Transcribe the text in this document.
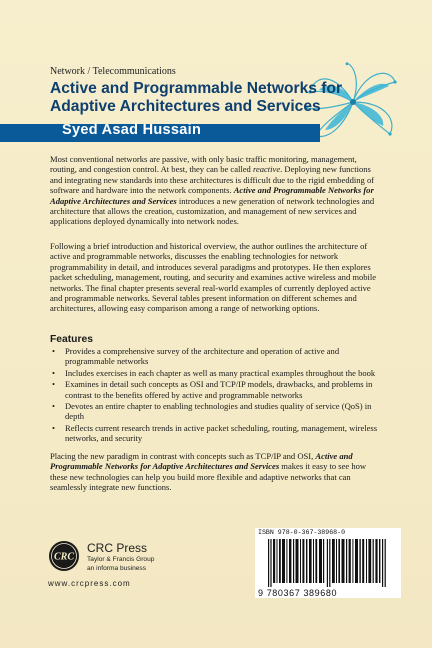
Network / Telecommunications
Active and Programmable Networks for
Adaptive Architectures and Services
Syed Asad Hussain
Most conventional networks are passive, with only basic traffic monitoring, management, routing, and congestion control. At best, they can be called reactive. Deploying new functions and integrating new standards into these architectures is difficult due to the rigid embedding of software and hardware into the network components. Active and Programmable Networks for Adaptive Architectures and Services introduces a new generation of network technologies and architecture that allows the creation, customization, and management of new services and applications deployed dynamically into network nodes.
Following a brief introduction and historical overview, the author outlines the architecture of active and programmable networks, discusses the enabling technologies for network programmability in detail, and introduces several paradigms and prototypes. He then explores packet scheduling, management, routing, and security and examines active wireless and mobile networks. The final chapter presents several real-world examples of currently deployed active and programmable networks. Several tables present information on different schemes and architectures, allowing easy comparison among a range of networking options.
Features
• Provides a comprehensive survey of the architecture and operation of active and programmable networks
• Includes exercises in each chapter as well as many practical examples throughout the book
• Examines in detail such concepts as OSI and TCP/IP models, drawbacks, and problems in contrast to the benefits offered by active and programmable networks
• Devotes an entire chapter to enabling technologies and studies quality of service (QoS) in depth
• Reflects current research trends in active packet scheduling, routing, management, wireless networks, and security
Placing the new paradigm in contrast with concepts such as TCP/IP and OSI, Active and Programmable Networks for Adaptive Architectures and Services makes it easy to see how these new technologies can help you build more flexible and adaptive networks that can seamlessly integrate new functions.
CRC
CRC Press
Taylor & Francis Group
an informa business
www.crcpress.com
ISBN 978-0-367-38968-0
9 780367 389680
